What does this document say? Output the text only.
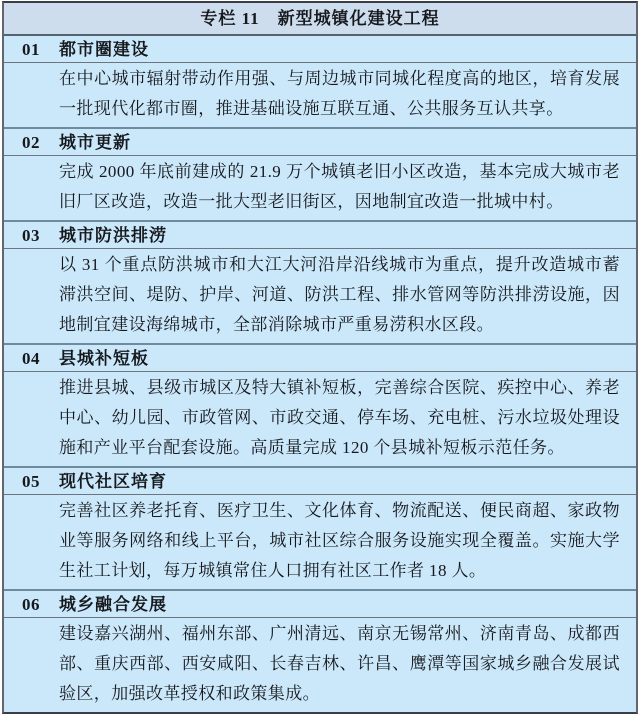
专栏 11　新型城镇化建设工程
01	都市圈建设

在中心城市辐射带动作用强、与周边城市同城化程度高的地区，培育发展一批现代化都市圈，推进基础设施互联互通、公共服务互认共享。

02	城市更新

完成 2000 年底前建成的 21.9 万个城镇老旧小区改造，基本完成大城市老旧厂区改造，改造一批大型老旧街区，因地制宜改造一批城中村。

03	城市防洪排涝

以 31 个重点防洪城市和大江大河沿岸沿线城市为重点，提升改造城市蓄滞洪空间、堤防、护岸、河道、防洪工程、排水管网等防洪排涝设施，因地制宜建设海绵城市，全部消除城市严重易涝积水区段。

04	县城补短板

推进县城、县级市城区及特大镇补短板，完善综合医院、疾控中心、养老中心、幼儿园、市政管网、市政交通、停车场、充电桩、污水垃圾处理设施和产业平台配套设施。高质量完成 120 个县城补短板示范任务。

05	现代社区培育

完善社区养老托育、医疗卫生、文化体育、物流配送、便民商超、家政物业等服务网络和线上平台，城市社区综合服务设施实现全覆盖。实施大学生社工计划，每万城镇常住人口拥有社区工作者 18 人。

06	城乡融合发展

建设嘉兴湖州、福州东部、广州清远、南京无锡常州、济南青岛、成都西部、重庆西部、西安咸阳、长春吉林、许昌、鹰潭等国家城乡融合发展试验区，加强改革授权和政策集成。
